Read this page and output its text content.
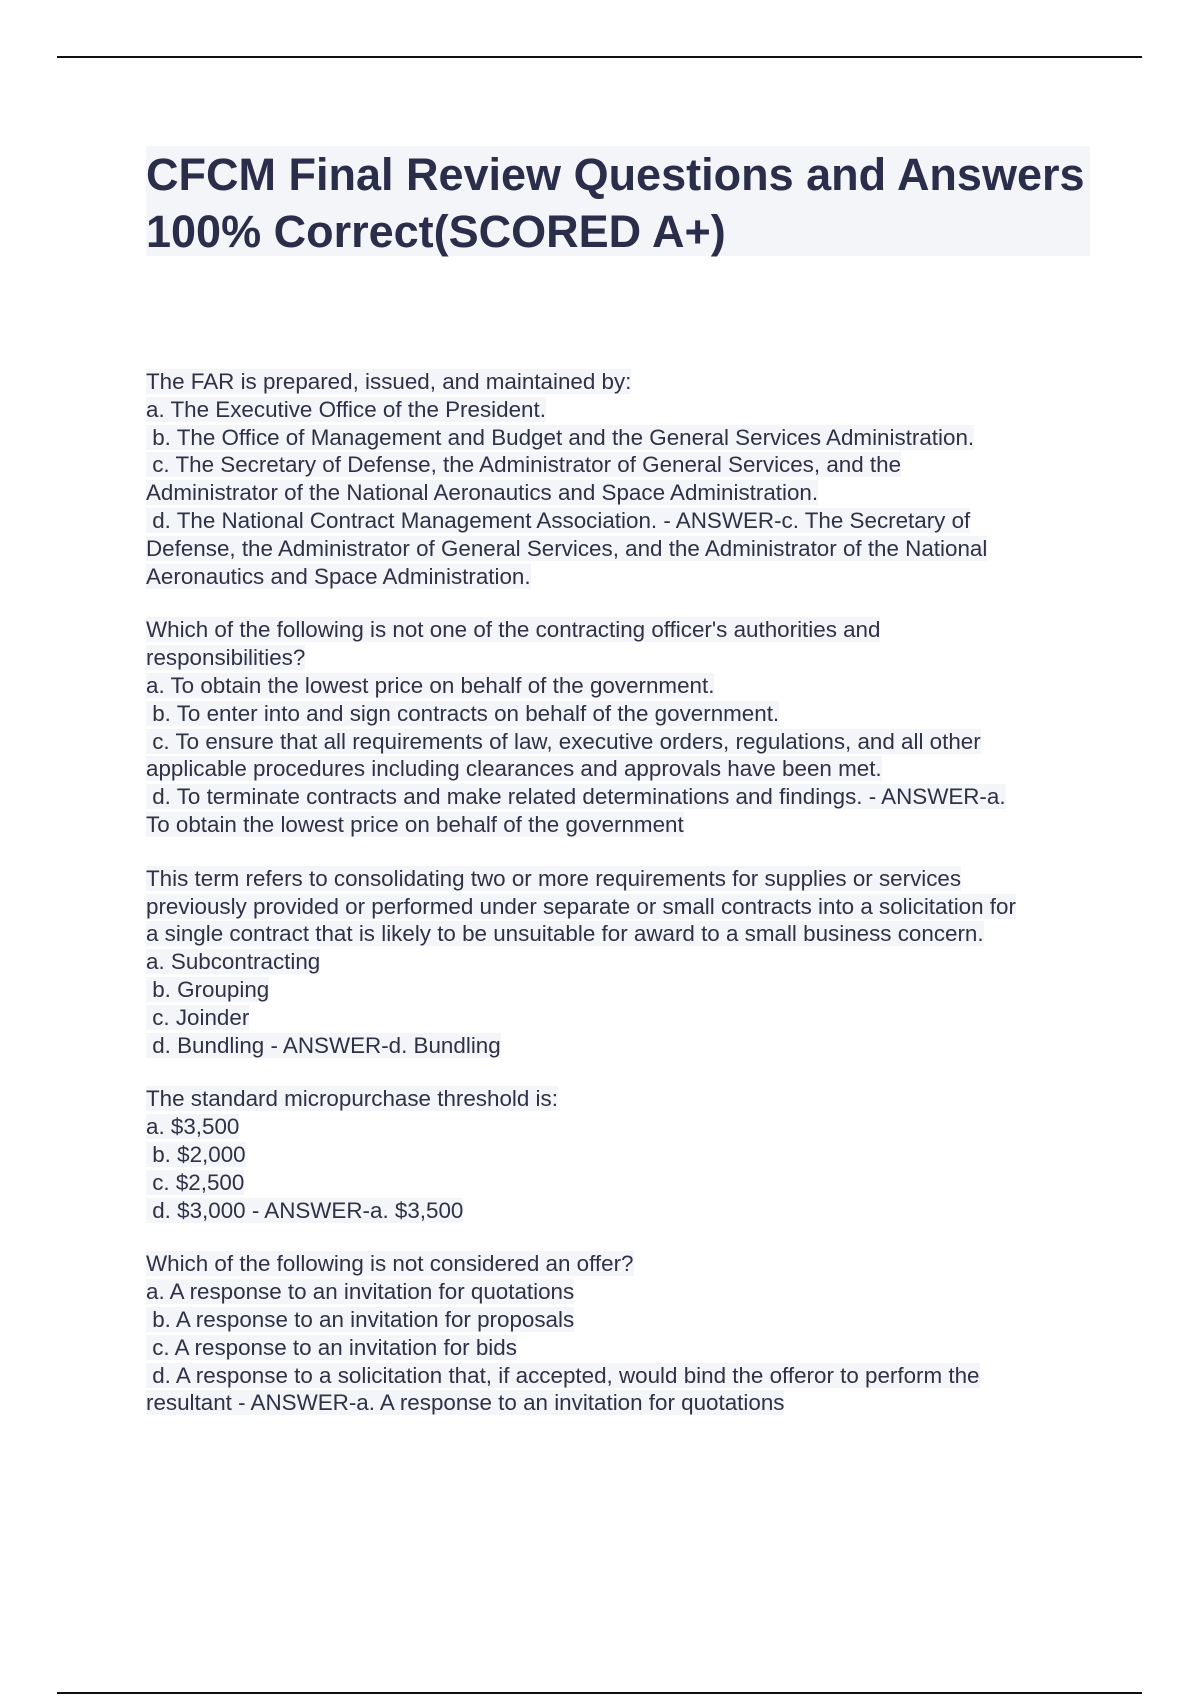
CFCM Final Review Questions and Answers 100% Correct(SCORED A+)
The FAR is prepared, issued, and maintained by:
a. The Executive Office of the President.
b. The Office of Management and Budget and the General Services Administration.
c. The Secretary of Defense, the Administrator of General Services, and the
Administrator of the National Aeronautics and Space Administration.
d. The National Contract Management Association. - ANSWER-c. The Secretary of
Defense, the Administrator of General Services, and the Administrator of the National
Aeronautics and Space Administration.
Which of the following is not one of the contracting officer's authorities and
responsibilities?
a. To obtain the lowest price on behalf of the government.
b. To enter into and sign contracts on behalf of the government.
c. To ensure that all requirements of law, executive orders, regulations, and all other
applicable procedures including clearances and approvals have been met.
d. To terminate contracts and make related determinations and findings. - ANSWER-a.
To obtain the lowest price on behalf of the government
This term refers to consolidating two or more requirements for supplies or services
previously provided or performed under separate or small contracts into a solicitation for
a single contract that is likely to be unsuitable for award to a small business concern.
a. Subcontracting
b. Grouping
c. Joinder
d. Bundling - ANSWER-d. Bundling
The standard micropurchase threshold is:
a. $3,500
b. $2,000
c. $2,500
d. $3,000 - ANSWER-a. $3,500
Which of the following is not considered an offer?
a. A response to an invitation for quotations
b. A response to an invitation for proposals
c. A response to an invitation for bids
d. A response to a solicitation that, if accepted, would bind the offeror to perform the
resultant - ANSWER-a. A response to an invitation for quotations
